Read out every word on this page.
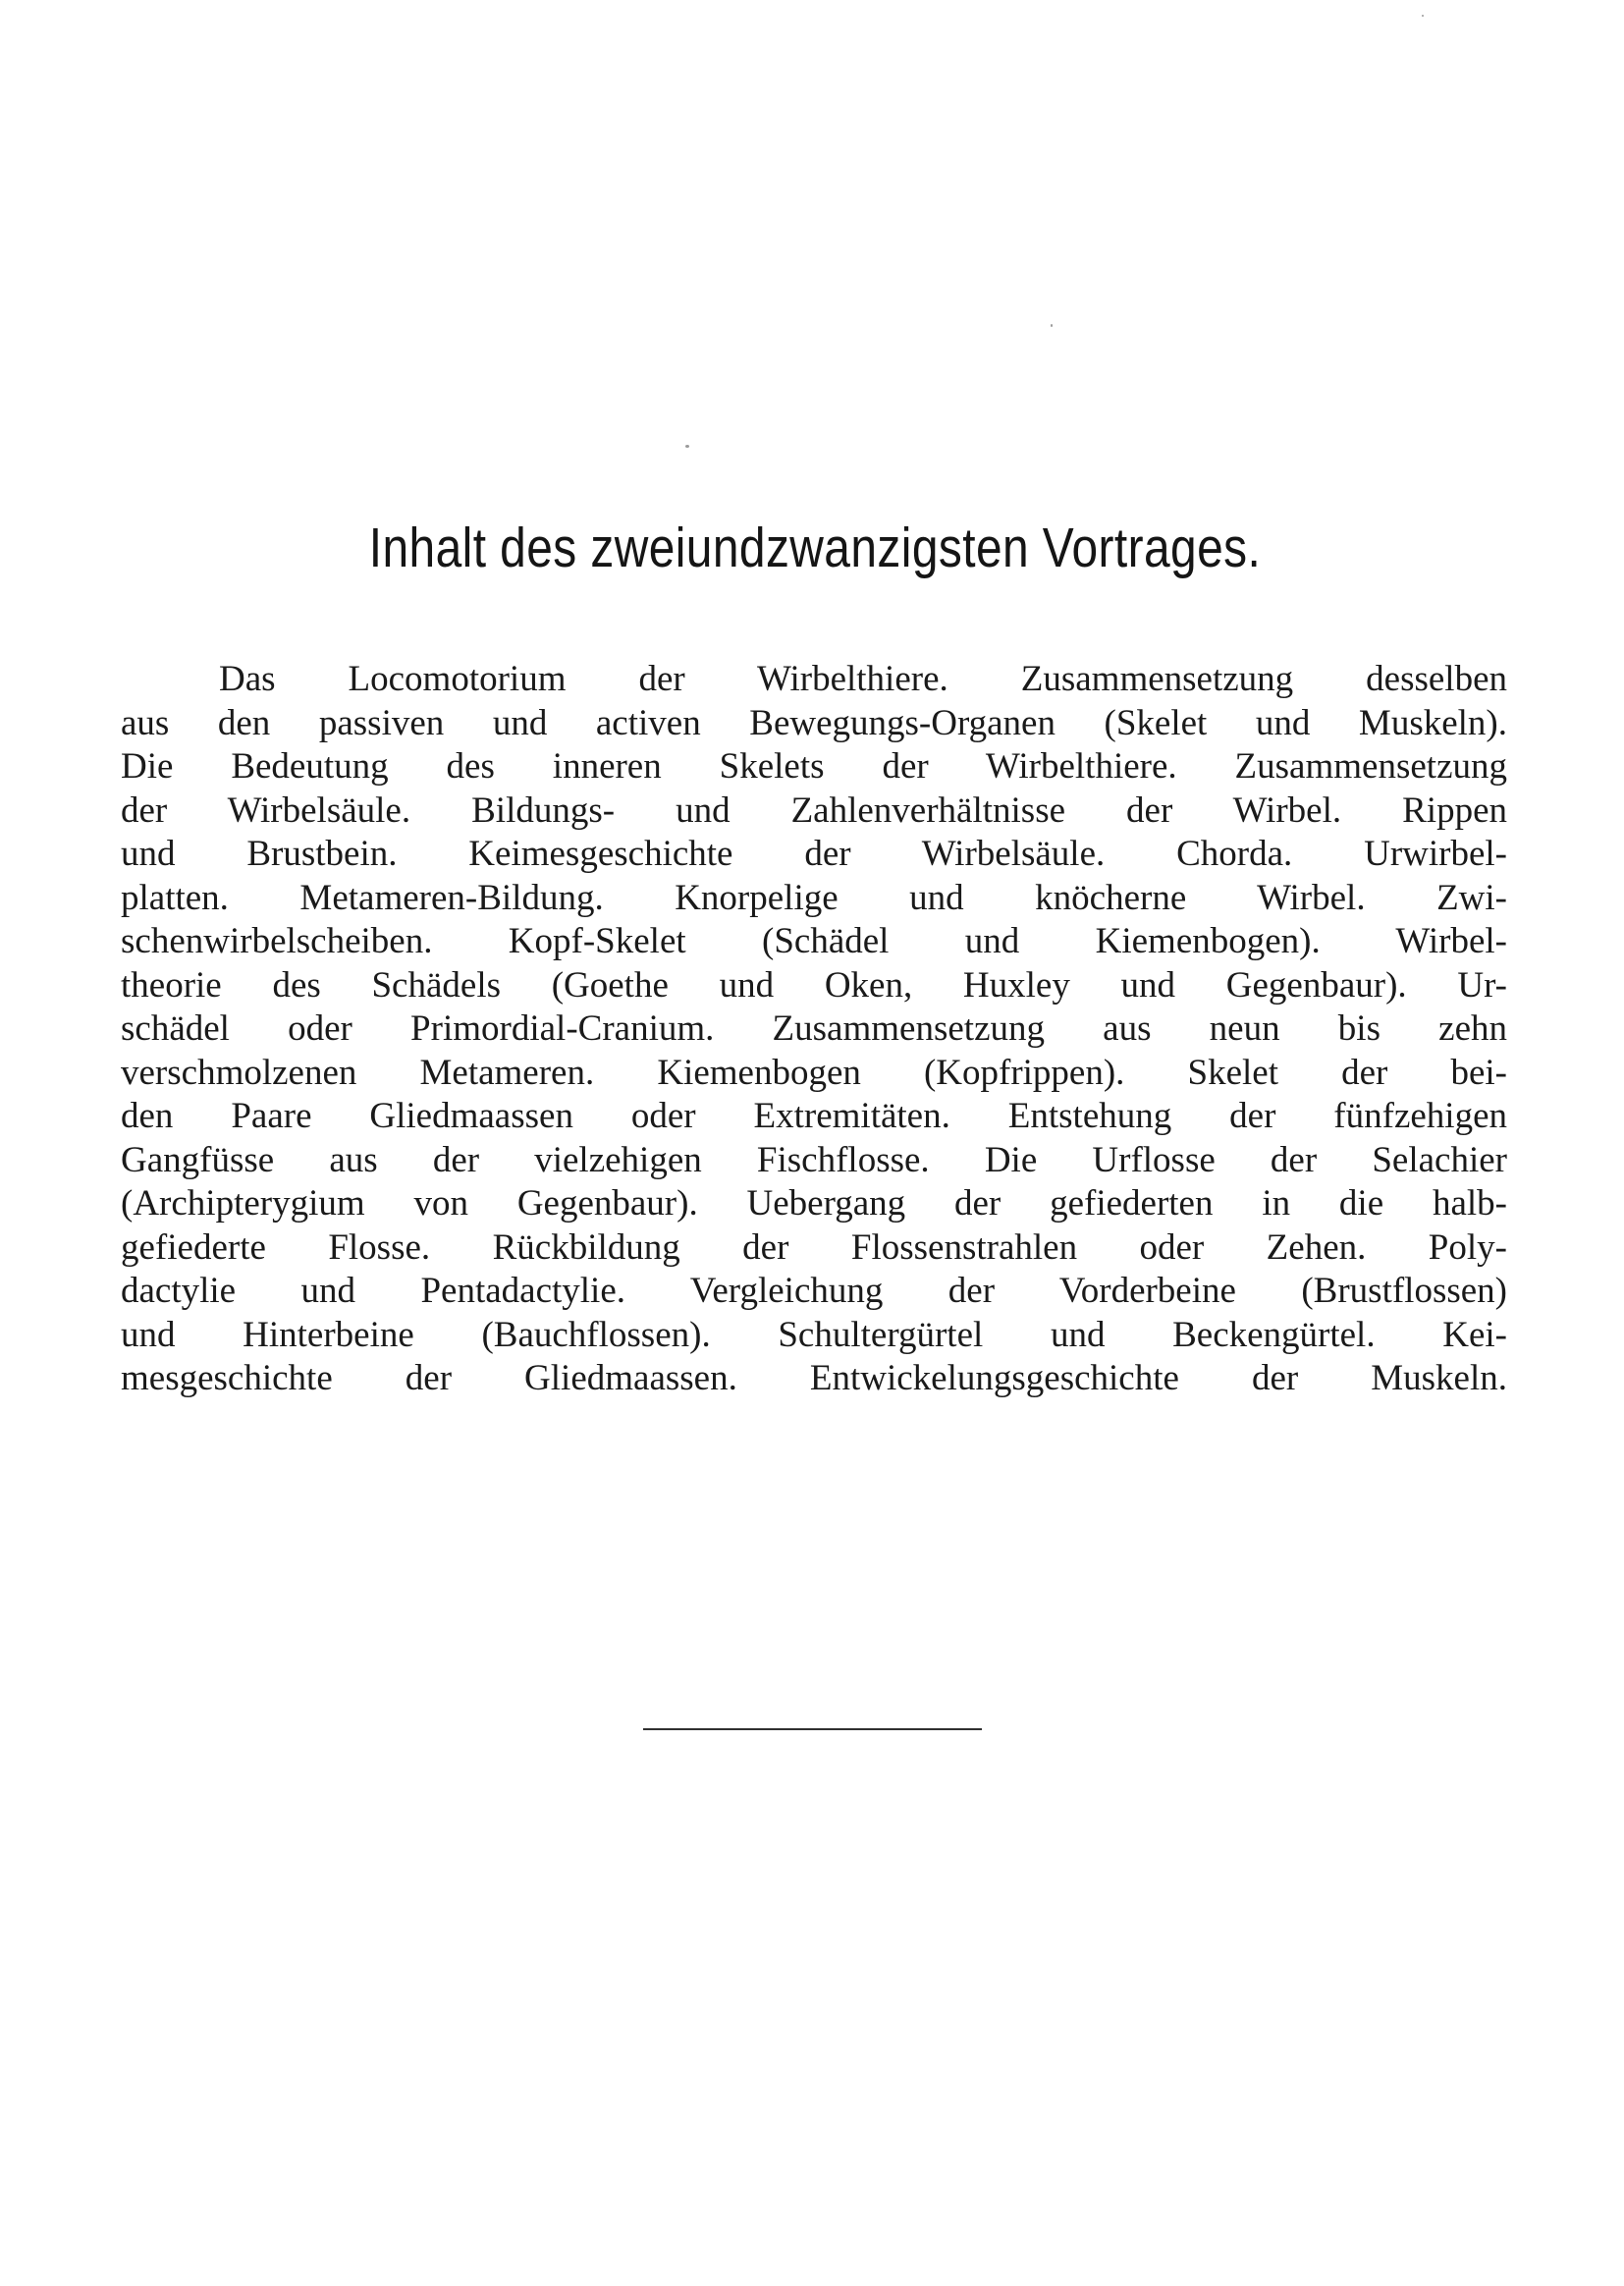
Inhalt des zweiundzwanzigsten Vortrages.
Das Locomotorium der Wirbelthiere. Zusammensetzung desselben
aus den passiven und activen Bewegungs-Organen (Skelet und Muskeln).
Die Bedeutung des inneren Skelets der Wirbelthiere. Zusammensetzung
der Wirbelsäule. Bildungs- und Zahlenverhältnisse der Wirbel. Rippen
und Brustbein. Keimesgeschichte der Wirbelsäule. Chorda. Urwirbel-
platten. Metameren-Bildung. Knorpelige und knöcherne Wirbel. Zwi-
schenwirbelscheiben. Kopf-Skelet (Schädel und Kiemenbogen). Wirbel-
theorie des Schädels (Goethe und Oken, Huxley und Gegenbaur). Ur-
schädel oder Primordial-Cranium. Zusammensetzung aus neun bis zehn
verschmolzenen Metameren. Kiemenbogen (Kopfrippen). Skelet der bei-
den Paare Gliedmaassen oder Extremitäten. Entstehung der fünfzehigen
Gangfüsse aus der vielzehigen Fischflosse. Die Urflosse der Selachier
(Archipterygium von Gegenbaur). Uebergang der gefiederten in die halb-
gefiederte Flosse. Rückbildung der Flossenstrahlen oder Zehen. Poly-
dactylie und Pentadactylie. Vergleichung der Vorderbeine (Brustflossen)
und Hinterbeine (Bauchflossen). Schultergürtel und Beckengürtel. Kei-
mesgeschichte der Gliedmaassen. Entwickelungsgeschichte der Muskeln.
